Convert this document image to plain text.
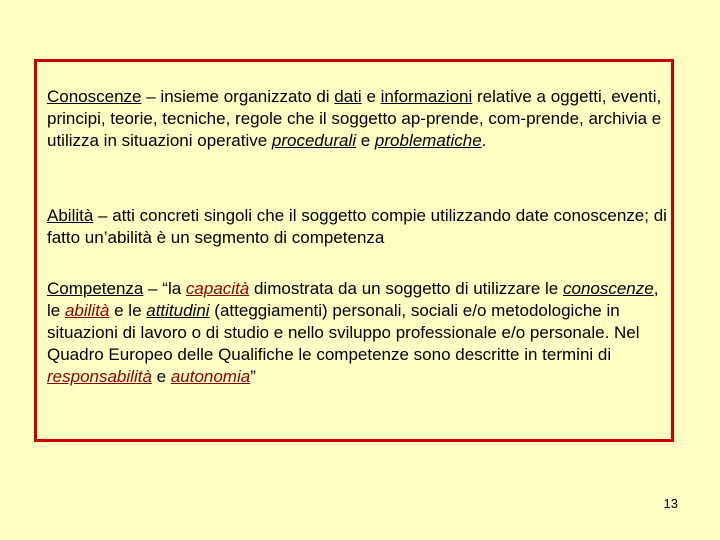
Conoscenze – insieme organizzato di dati e informazioni relative a oggetti, eventi, principi, teorie, tecniche, regole che il soggetto ap-prende, com-prende, archivia e utilizza in situazioni operative procedurali e problematiche.

Abilità – atti concreti singoli che il soggetto compie utilizzando date conoscenze; di fatto un’abilità è un segmento di competenza

Competenza – “la capacità dimostrata da un soggetto di utilizzare le conoscenze, le abilità e le attitudini (atteggiamenti) personali, sociali e/o metodologiche in situazioni di lavoro o di studio e nello sviluppo professionale e/o personale. Nel Quadro Europeo delle Qualifiche le competenze sono descritte in termini di responsabilità e autonomia”

13
